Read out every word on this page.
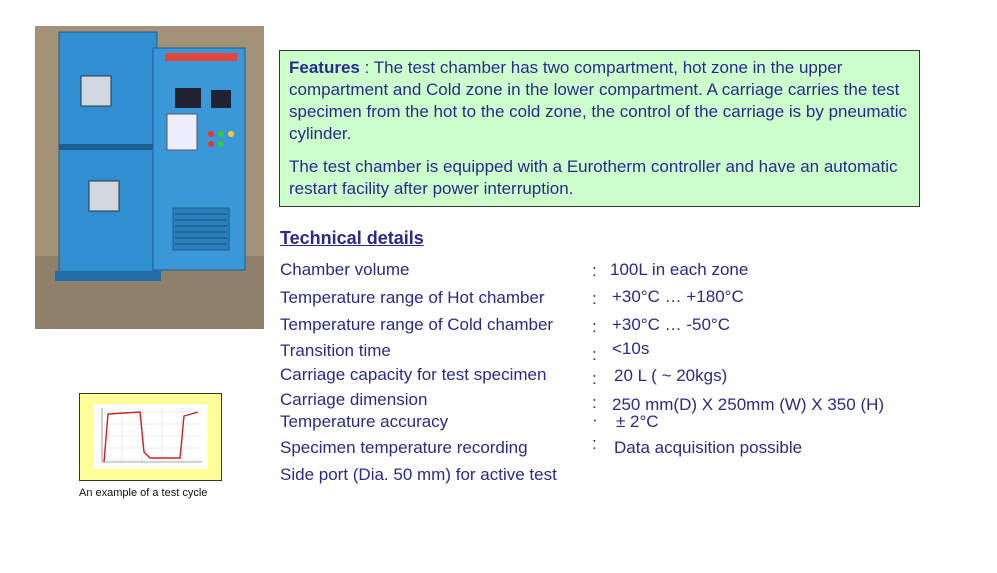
Features : The test chamber has two compartment, hot zone in the upper compartment and Cold zone in the lower compartment. A carriage carries the test specimen from the hot to the cold zone, the control of the carriage is by pneumatic cylinder.

The test chamber is equipped with a Eurotherm controller and have an automatic restart facility after power interruption.

Technical details
Chamber volume	: 100L in each zone
Temperature range of Hot chamber	: +30°C … +180°C
Temperature range of Cold chamber : +30°C … -50°C
Transition time	: <10s
Carriage capacity for test specimen	: 20 L ( ~ 20kgs)
Carriage dimension	: 250 mm(D) X 250mm (W) X 350 (H)
Temperature accuracy	· ± 2°C
Specimen temperature recording	: Data acquisition possible
Side port (Dia. 50 mm) for active test
An example of a test cycle
